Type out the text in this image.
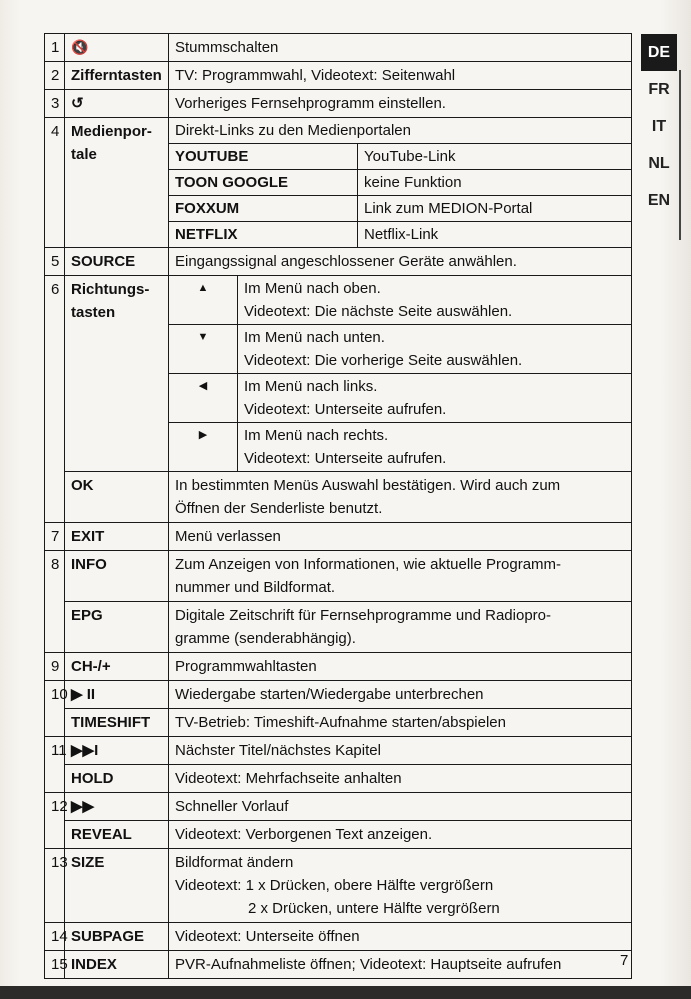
DE
FR
IT
NL
EN
1	🔇	Stummschalten
2	Zifferntasten	TV: Programmwahl, Videotext: Seitenwahl
3	↺	Vorheriges Fernsehprogramm einstellen.
4	Medienpor-
tale

Direkt-Links zu den Medienportalen
YOUTUBE	YouTube-Link
TOON GOOGLE	keine Funktion
FOXXUM	Link zum MEDION-Portal
NETFLIX	Netflix-Link

5	SOURCE	Eingangssignal angeschlossener Geräte anwählen.
6	Richtungs-
tasten

▲	Im Menü nach oben.
Videotext: Die nächste Seite auswählen.

▼	Im Menü nach unten.
Videotext: Die vorherige Seite auswählen.

◀	Im Menü nach links.
Videotext: Unterseite aufrufen.

▶	Im Menü nach rechts.
Videotext: Unterseite aufrufen.

OK	In bestimmten Menüs Auswahl bestätigen. Wird auch zum
Öffnen der Senderliste benutzt.

7	EXIT	Menü verlassen
8	INFO	Zum Anzeigen von Informationen, wie aktuelle Programm-
nummer und Bildformat.

EPG	Digitale Zeitschrift für Fernsehprogramme und Radiopro-
gramme (senderabhängig).

9	CH-/+	Programmwahltasten
10	▶ II	Wiedergabe starten/Wiedergabe unterbrechen
TIMESHIFT	TV-Betrieb: Timeshift-Aufnahme starten/abspielen
11	▶▶I	Nächster Titel/nächstes Kapitel
HOLD	Videotext: Mehrfachseite anhalten
12	▶▶	Schneller Vorlauf
REVEAL	Videotext: Verborgenen Text anzeigen.
13	SIZE	Bildformat ändern
Videotext: 1 x Drücken, obere Hälfte vergrößern
2 x Drücken, untere Hälfte vergrößern

14	SUBPAGE	Videotext: Unterseite öffnen
15	INDEX	PVR-Aufnahmeliste öffnen; Videotext: Hauptseite aufrufen	7
